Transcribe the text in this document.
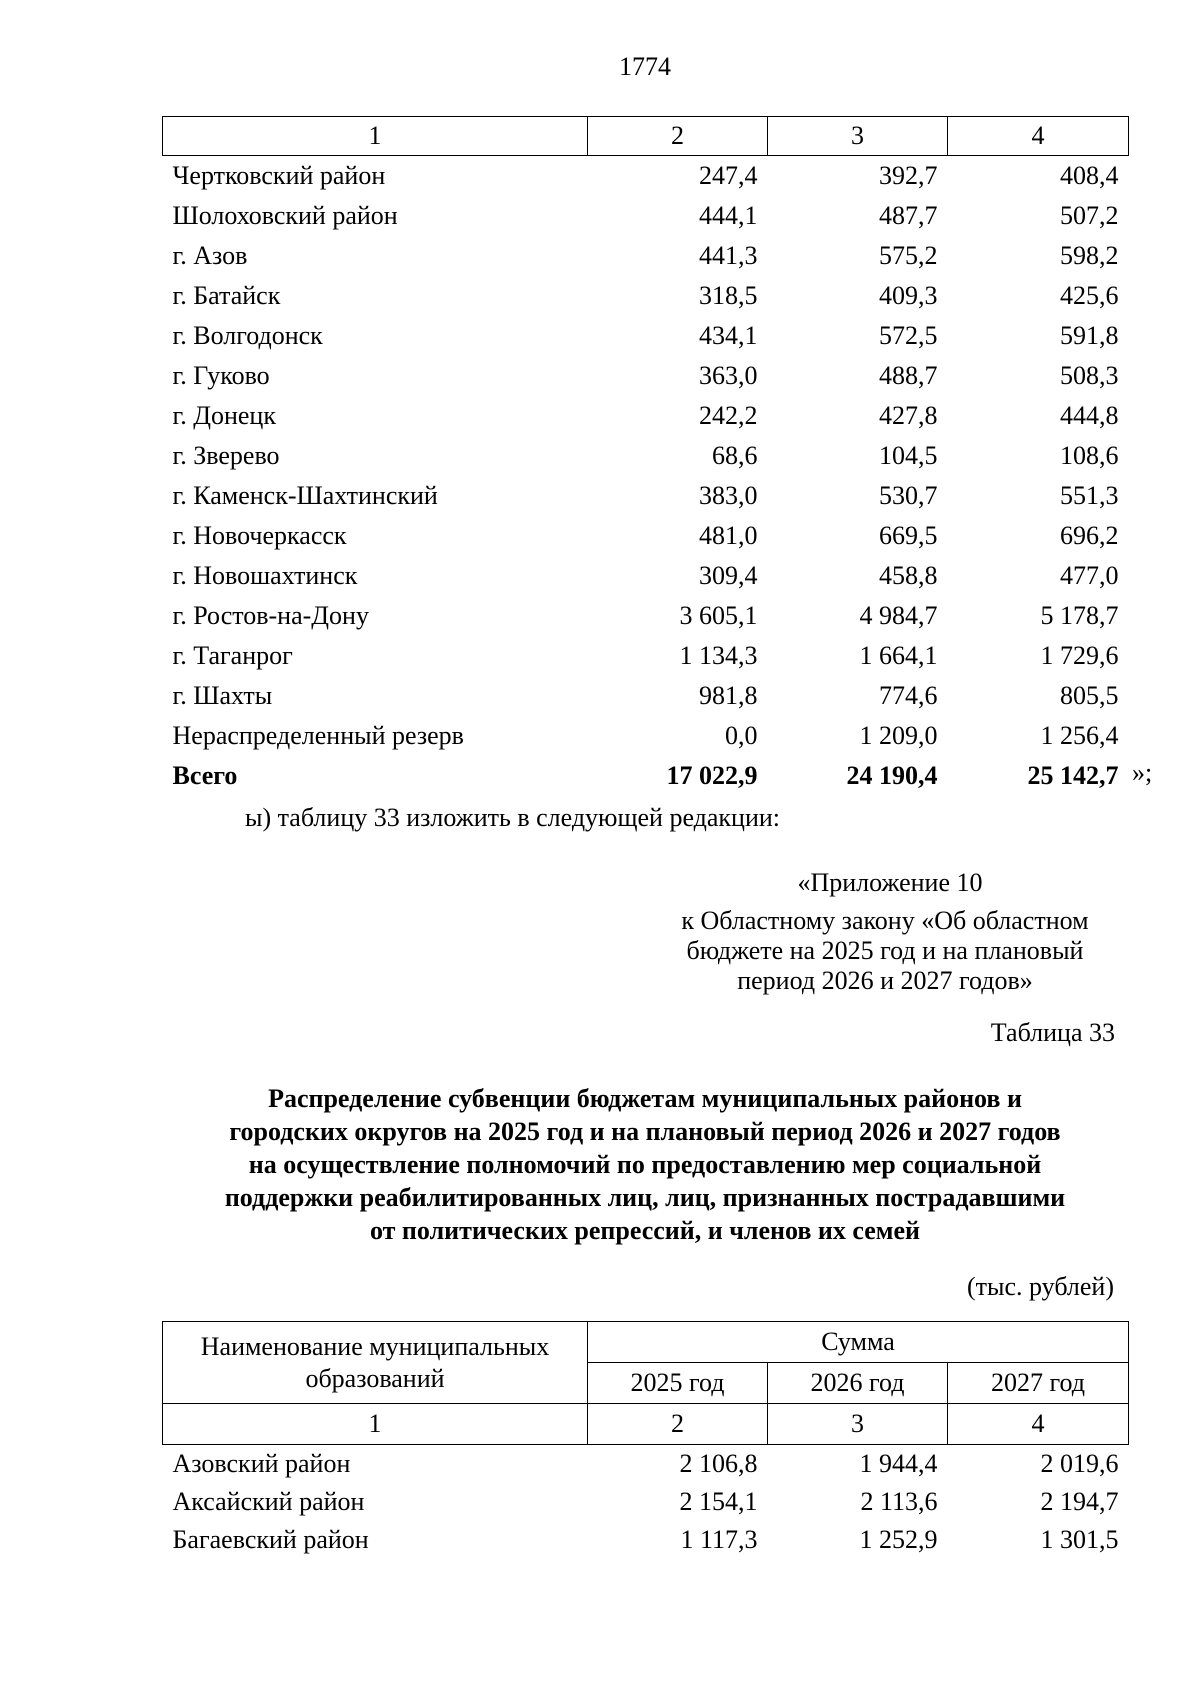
1774
1	2	3	4
Чертковский район	247,4	392,7	408,4
Шолоховский район	444,1	487,7	507,2
г. Азов	441,3	575,2	598,2
г. Батайск	318,5	409,3	425,6
г. Волгодонск	434,1	572,5	591,8
г. Гуково	363,0	488,7	508,3
г. Донецк	242,2	427,8	444,8
г. Зверево	68,6	104,5	108,6
г. Каменск-Шахтинский	383,0	530,7	551,3
г. Новочеркасск	481,0	669,5	696,2
г. Новошахтинск	309,4	458,8	477,0
г. Ростов-на-Дону	3 605,1	4 984,7	5 178,7
г. Таганрог	1 134,3	1 664,1	1 729,6
г. Шахты	981,8	774,6	805,5
Нераспределенный резерв	0,0	1 209,0	1 256,4
Всего	17 022,9	24 190,4	25 142,7 »;
ы) таблицу 33 изложить в следующей редакции:
«Приложение 10
к Областному закону «Об областном
бюджете на 2025 год и на плановый
период 2026 и 2027 годов»
Таблица 33
Распределение субвенции бюджетам муниципальных районов и
городских округов на 2025 год и на плановый период 2026 и 2027 годов
на осуществление полномочий по предоставлению мер социальной
поддержки реабилитированных лиц, лиц, признанных пострадавшими
от политических репрессий, и членов их семей
(тыс. рублей)
Наименование муниципальных
образований	Сумма		
	2025 год	2026 год	2027 год
1	2	3	4
Азовский район	2 106,8	1 944,4	2 019,6
Аксайский район	2 154,1	2 113,6	2 194,7
Багаевский район	1 117,3	1 252,9	1 301,5
